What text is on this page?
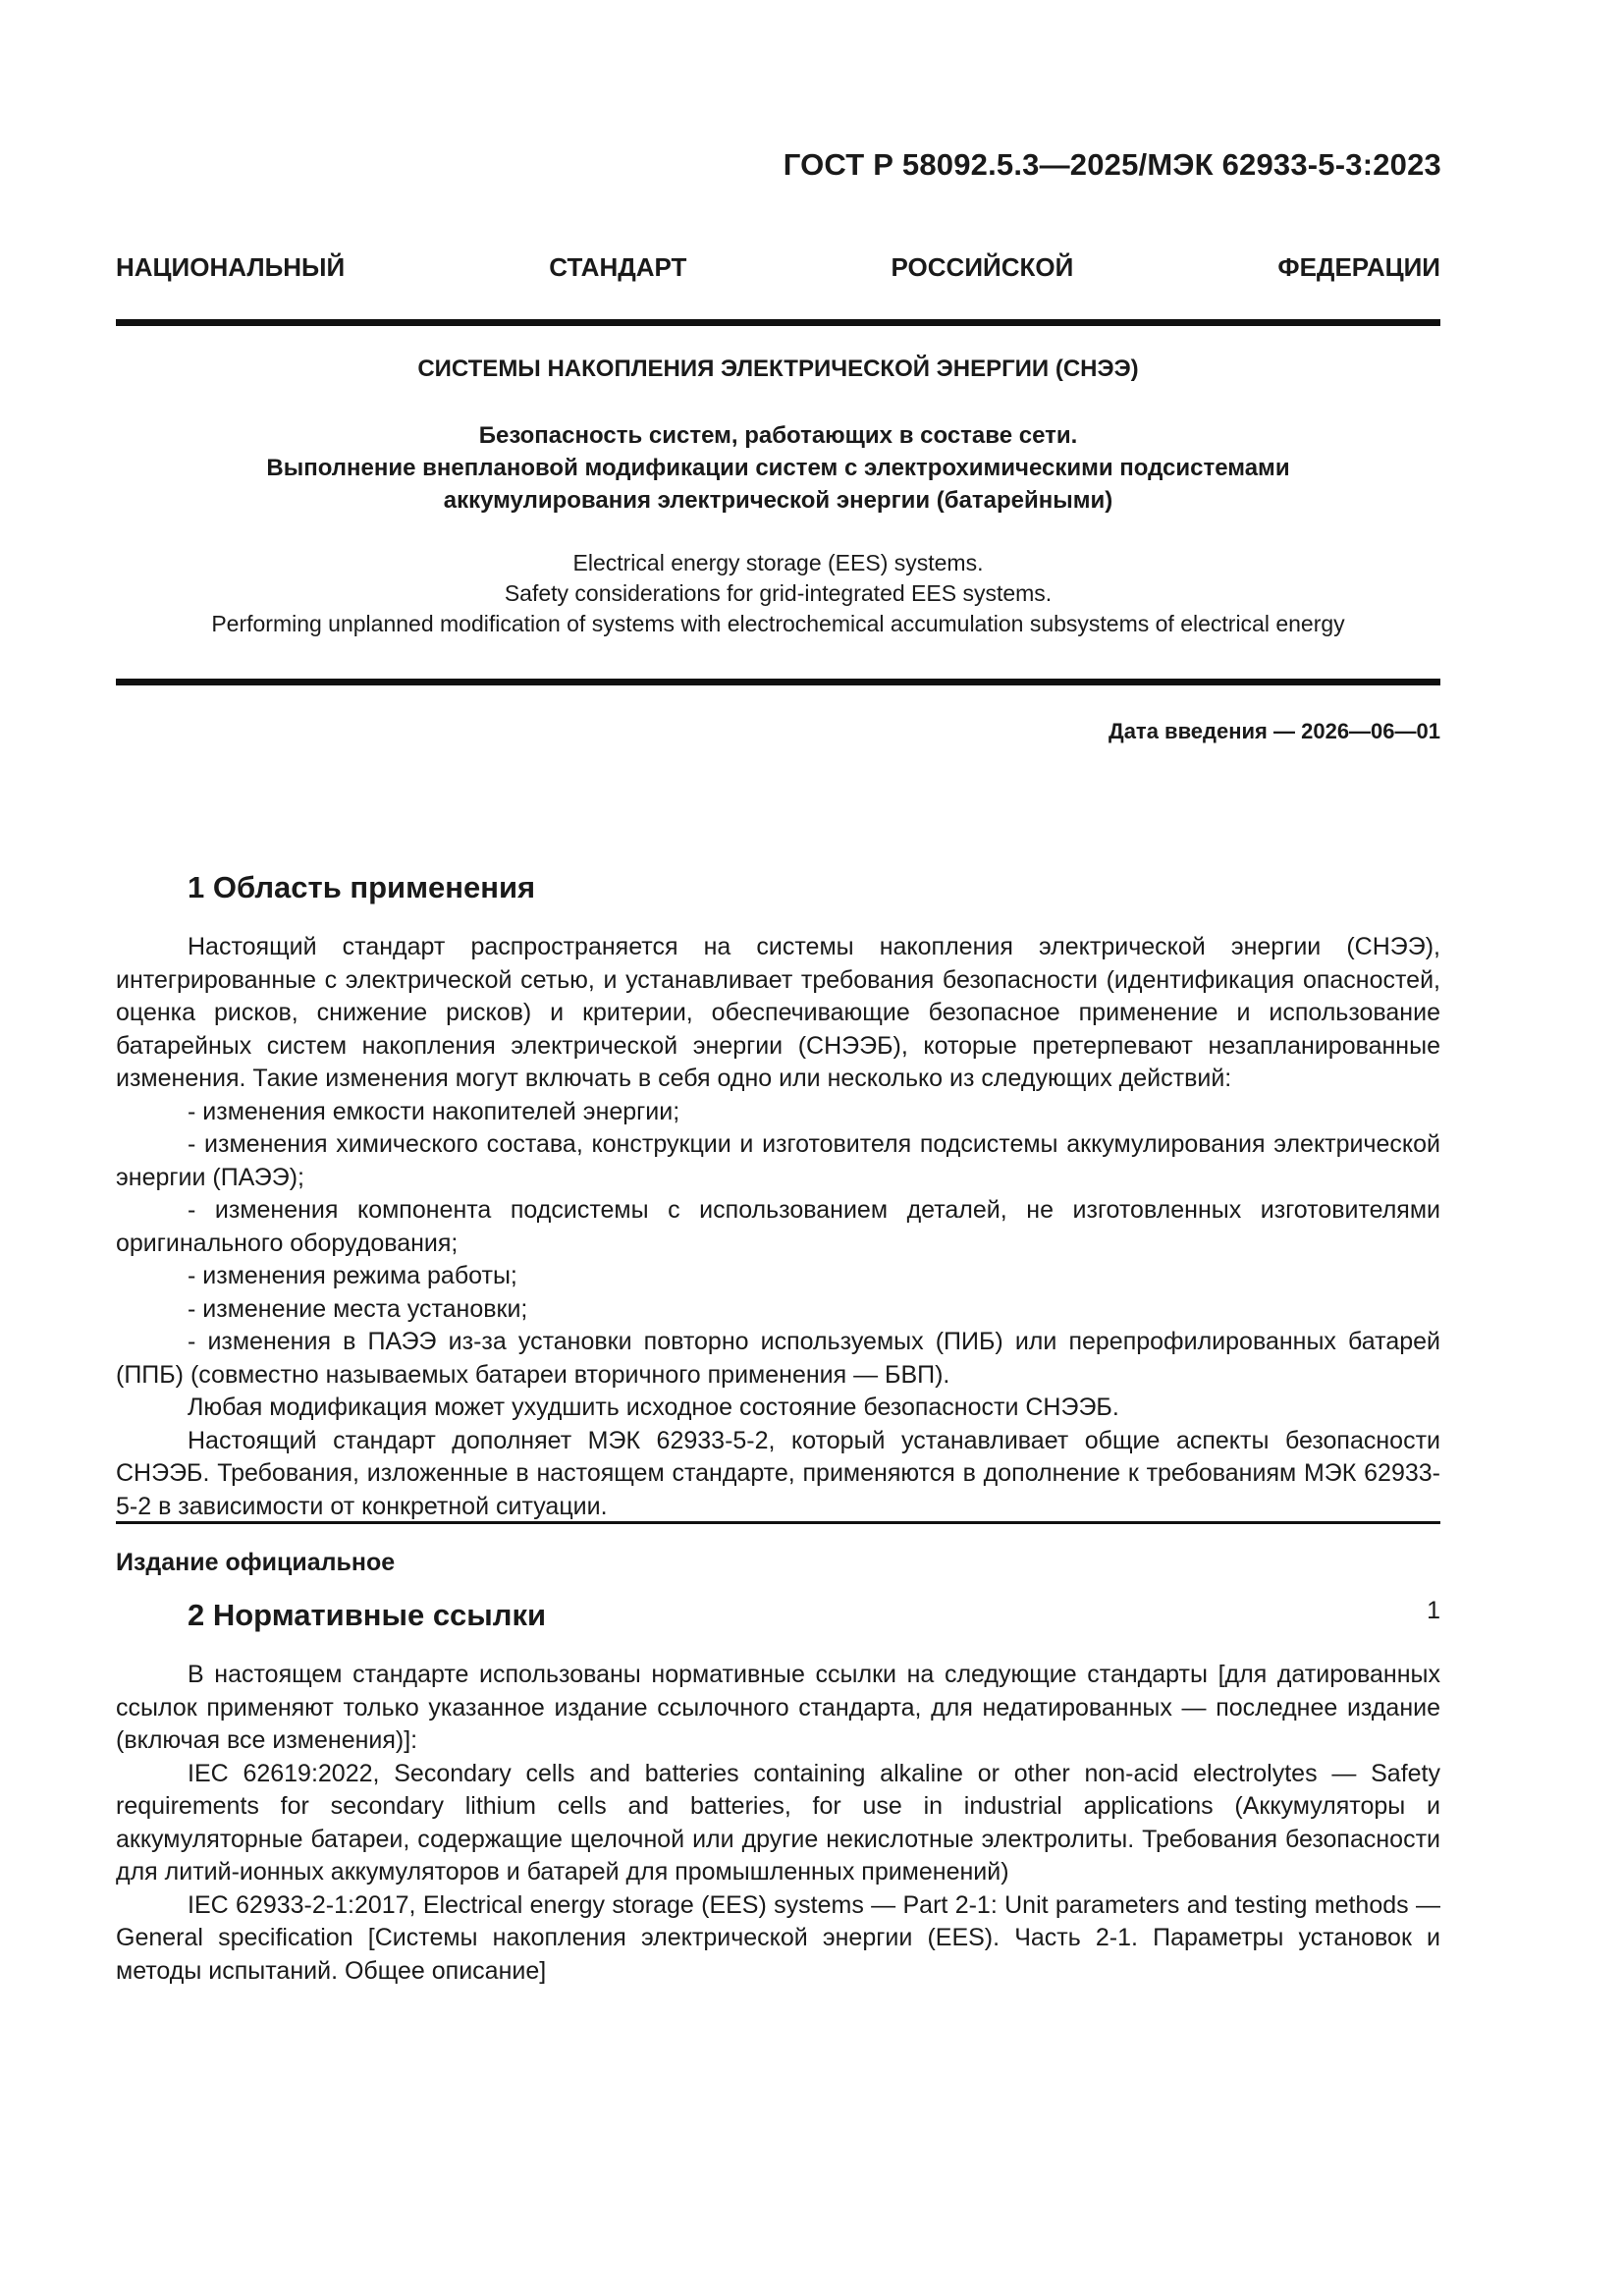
ГОСТ Р 58092.5.3—2025/МЭК 62933-5-3:2023
НАЦИОНАЛЬНЫЙ СТАНДАРТ РОССИЙСКОЙ ФЕДЕРАЦИИ
СИСТЕМЫ НАКОПЛЕНИЯ ЭЛЕКТРИЧЕСКОЙ ЭНЕРГИИ (СНЭЭ)
Безопасность систем, работающих в составе сети.
Выполнение внеплановой модификации систем с электрохимическими подсистемами
аккумулирования электрической энергии (батарейными)
Electrical energy storage (EES) systems.
Safety considerations for grid-integrated EES systems.
Performing unplanned modification of systems with electrochemical accumulation subsystems of electrical energy
Дата введения — 2026—06—01
1 Область применения

Настоящий стандарт распространяется на системы накопления электрической энергии (СНЭЭ), интегрированные с электрической сетью, и устанавливает требования безопасности (идентификация опасностей, оценка рисков, снижение рисков) и критерии, обеспечивающие безопасное применение и использование батарейных систем накопления электрической энергии (СНЭЭБ), которые претерпевают незапланированные изменения. Такие изменения могут включать в себя одно или несколько из следующих действий:

- изменения емкости накопителей энергии;

- изменения химического состава, конструкции и изготовителя подсистемы аккумулирования электрической энергии (ПАЭЭ);

- изменения компонента подсистемы с использованием деталей, не изготовленных изготовителями оригинального оборудования;

- изменения режима работы;

- изменение места установки;

- изменения в ПАЭЭ из-за установки повторно используемых (ПИБ) или перепрофилированных батарей (ППБ) (совместно называемых батареи вторичного применения — БВП).

Любая модификация может ухудшить исходное состояние безопасности СНЭЭБ.

Настоящий стандарт дополняет МЭК 62933-5-2, который устанавливает общие аспекты безопасности СНЭЭБ. Требования, изложенные в настоящем стандарте, применяются в дополнение к требованиям МЭК 62933-5-2 в зависимости от конкретной ситуации.

2 Нормативные ссылки

В настоящем стандарте использованы нормативные ссылки на следующие стандарты [для датированных ссылок применяют только указанное издание ссылочного стандарта, для недатированных — последнее издание (включая все изменения)]:

IEC 62619:2022, Secondary cells and batteries containing alkaline or other non-acid electrolytes — Safety requirements for secondary lithium cells and batteries, for use in industrial applications (Аккумуляторы и аккумуляторные батареи, содержащие щелочной или другие некислотные электролиты. Требования безопасности для литий-ионных аккумуляторов и батарей для промышленных применений)

IEC 62933-2-1:2017, Electrical energy storage (EES) systems — Part 2-1: Unit parameters and testing methods — General specification [Системы накопления электрической энергии (EES). Часть 2-1. Параметры установок и методы испытаний. Общее описание]

Издание официальное
1
